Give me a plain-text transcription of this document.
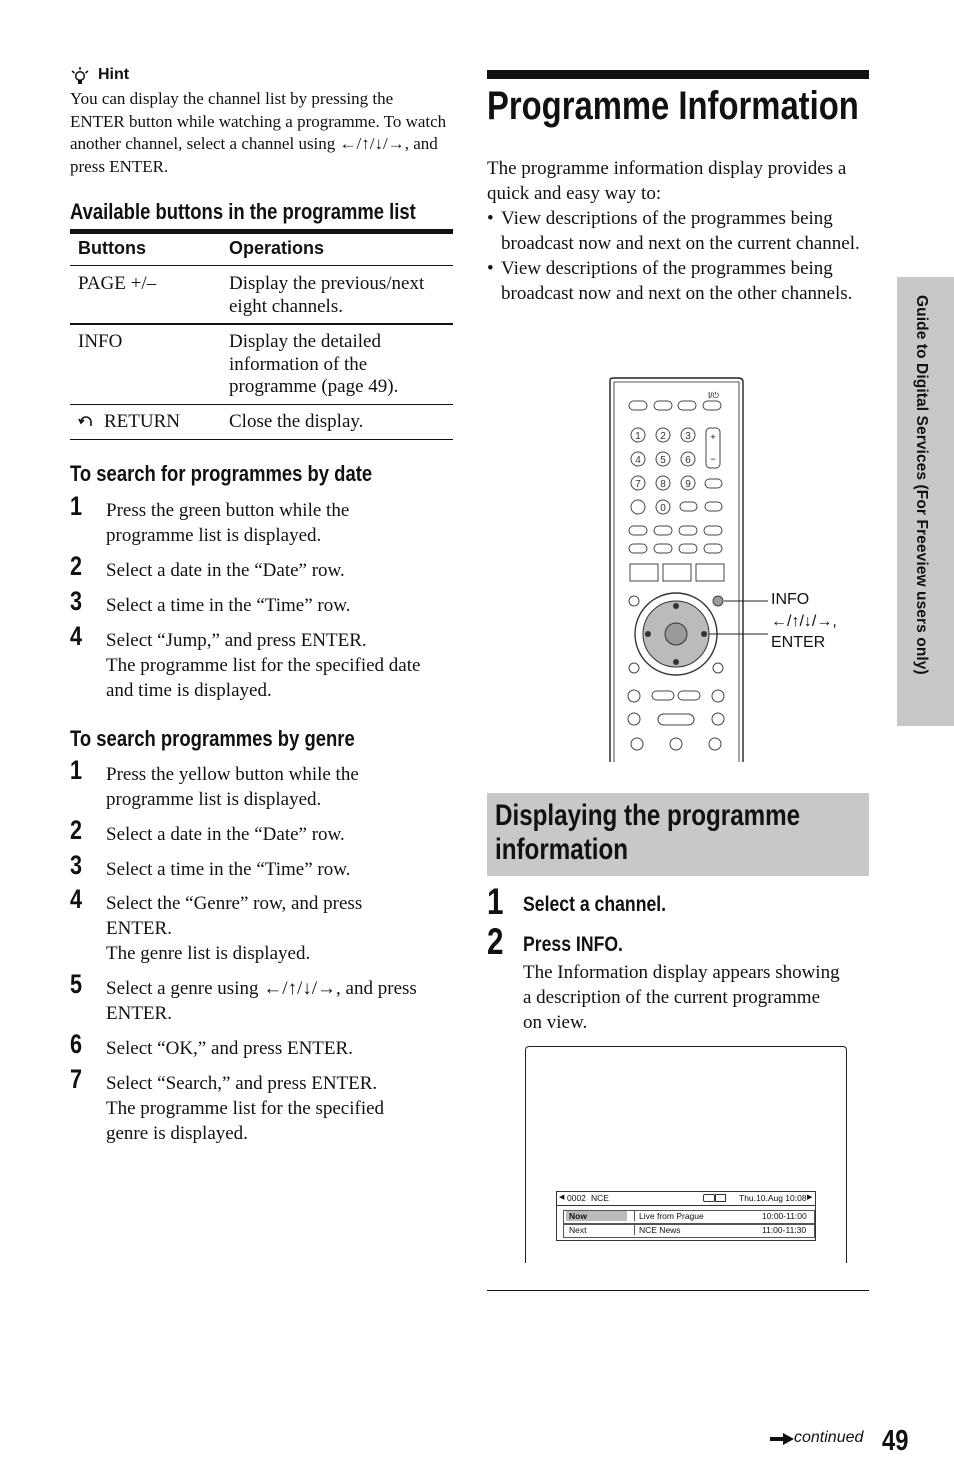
Hint
You can display the channel list by pressing the ENTER button while watching a programme. To watch another channel, select a channel using ←/↑/↓/→, and press ENTER.
Available buttons in the programme list
Buttons	Operations
PAGE +/–	Display the previous/next eight channels.
INFO	Display the detailed information of the programme (page 49).
RETURN	Close the display.
To search for programmes by date
1 Press the green button while the programme list is displayed.
2 Select a date in the “Date” row.
3 Select a time in the “Time” row.
4 Select “Jump,” and press ENTER.
The programme list for the specified date and time is displayed.
To search programmes by genre
1 Press the yellow button while the programme list is displayed.
2 Select a date in the “Date” row.
3 Select a time in the “Time” row.
4 Select the “Genre” row, and press ENTER.
The genre list is displayed.
5 Select a genre using ←/↑/↓/→, and press ENTER.
6 Select “OK,” and press ENTER.
7 Select “Search,” and press ENTER.
The programme list for the specified genre is displayed.
Programme Information
The programme information display provides a quick and easy way to:
• View descriptions of the programmes being broadcast now and next on the current channel.
• View descriptions of the programmes being broadcast now and next on the other channels.
I/⏻
1 2 3
4 5 6
7 8 9
0
+
−
INFO
←/↑/↓/→,
ENTER
Displaying the programme information
1 Select a channel.
2 Press INFO.
The Information display appears showing a description of the current programme on view.
◀ 0002 NCE	Thu.10.Aug 10:08 ▶
Now	Live from Prague	10:00-11:00
Next	NCE News	11:00-11:30
Guide to Digital Services (For Freeview users only)
continued 49
